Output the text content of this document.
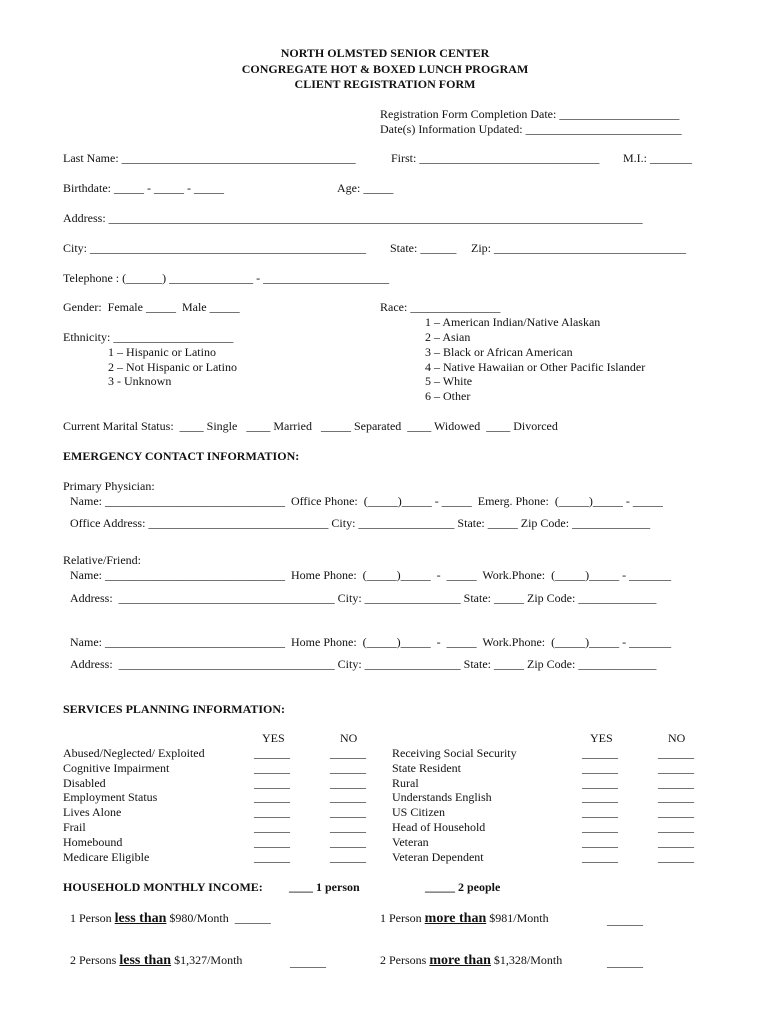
NORTH OLMSTED SENIOR CENTER
CONGREGATE HOT & BOXED LUNCH PROGRAM
CLIENT REGISTRATION FORM
Registration Form Completion Date: ____________________
Date(s) Information Updated: __________________________
Last Name: _______________________________________	First: ______________________________ M.I.: _______
Birthdate: _____ - _____ - _____	Age: _____
Address: _________________________________________________________________________________________
City: ______________________________________________ State: ______ Zip: ________________________________
Telephone : (______) ______________ - _____________________
Gender:  Female _____  Male _____	Race: _______________
1 – American Indian/Native Alaskan
2 – Asian
3 – Black or African American
4 – Native Hawaiian or Other Pacific Islander
5 – White
6 – Other
Ethnicity: ____________________
1 – Hispanic or Latino
2 – Not Hispanic or Latino
3 - Unknown
Current Marital Status:  ____ Single   ____ Married   _____ Separated  ____ Widowed  ____ Divorced
EMERGENCY CONTACT INFORMATION:
Primary Physician:
Name: ______________________________  Office Phone:  (_____)_____ - _____  Emerg. Phone:  (_____)_____ - _____
Office Address: ______________________________ City: ________________ State: _____ Zip Code: _____________
Relative/Friend:
Name: ______________________________  Home Phone:  (_____)_____  -  _____  Work.Phone:  (_____)_____ - _______
Address:  ____________________________________ City: ________________ State: _____ Zip Code: _____________
Name: ______________________________  Home Phone:  (_____)_____  -  _____  Work.Phone:  (_____)_____ - _______
Address:  ____________________________________ City: ________________ State: _____ Zip Code: _____________
SERVICES PLANNING INFORMATION:
YES	NO	YES	NO
Abused/Neglected/ Exploited	______	______ Receiving Social Security	______	______
Cognitive Impairment	______	______ State Resident	______	______
Disabled	______	______ Rural	______	______
Employment Status	______	______ Understands English	______	______
Lives Alone	______	______ US Citizen	______	______
Frail	______	______ Head of Household	______	______
Homebound	______	______ Veteran	______	______
Medicare Eligible	______	______ Veteran Dependent	______	______
HOUSEHOLD MONTHLY INCOME: ____ 1 person	_____ 2 people
1 Person less than $980/Month  ______	1 Person more than $981/Month	______
2 Persons less than $1,327/Month	______	2 Persons more than $1,328/Month	______
